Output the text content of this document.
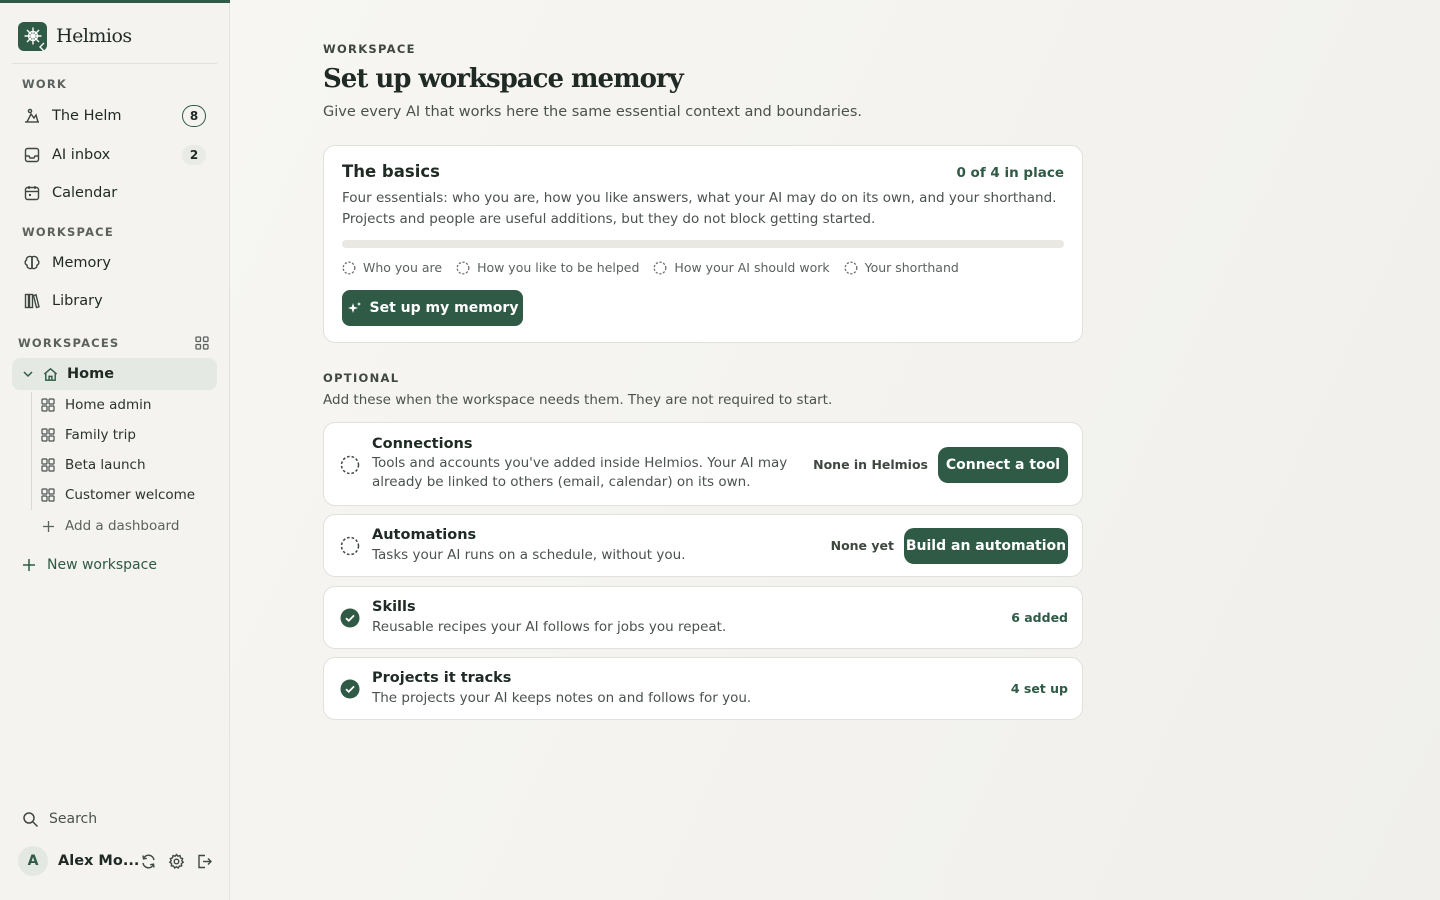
Helmios
WORK
The Helm	8
AI inbox	2
Calendar
WORKSPACE
Memory
Library
WORKSPACES
Home
Home admin
Family trip
Beta launch
Customer welcome
Add a dashboard
New workspace
Search
A	Alex Mo...
WORKSPACE
Set up workspace memory

Give every AI that works here the same essential context and boundaries.

The basics	0 of 4 in place

Four essentials: who you are, how you like answers, what your AI may do on its own, and your shorthand. Projects and people are useful additions, but they do not block getting started.

Who you are	How you like to be helped	How your AI should work	Your shorthand
Set up my memory
OPTIONAL

Add these when the workspace needs them. They are not required to start.

Connections

Tools and accounts you've added inside Helmios. Your AI may already be linked to others (email, calendar) on its own.

None in Helmios	Connect a tool
Automations

Tasks your AI runs on a schedule, without you.

None yet Build an automation
Skills

Reusable recipes your AI follows for jobs you repeat.

6 added
Projects it tracks

The projects your AI keeps notes on and follows for you.

4 set up
